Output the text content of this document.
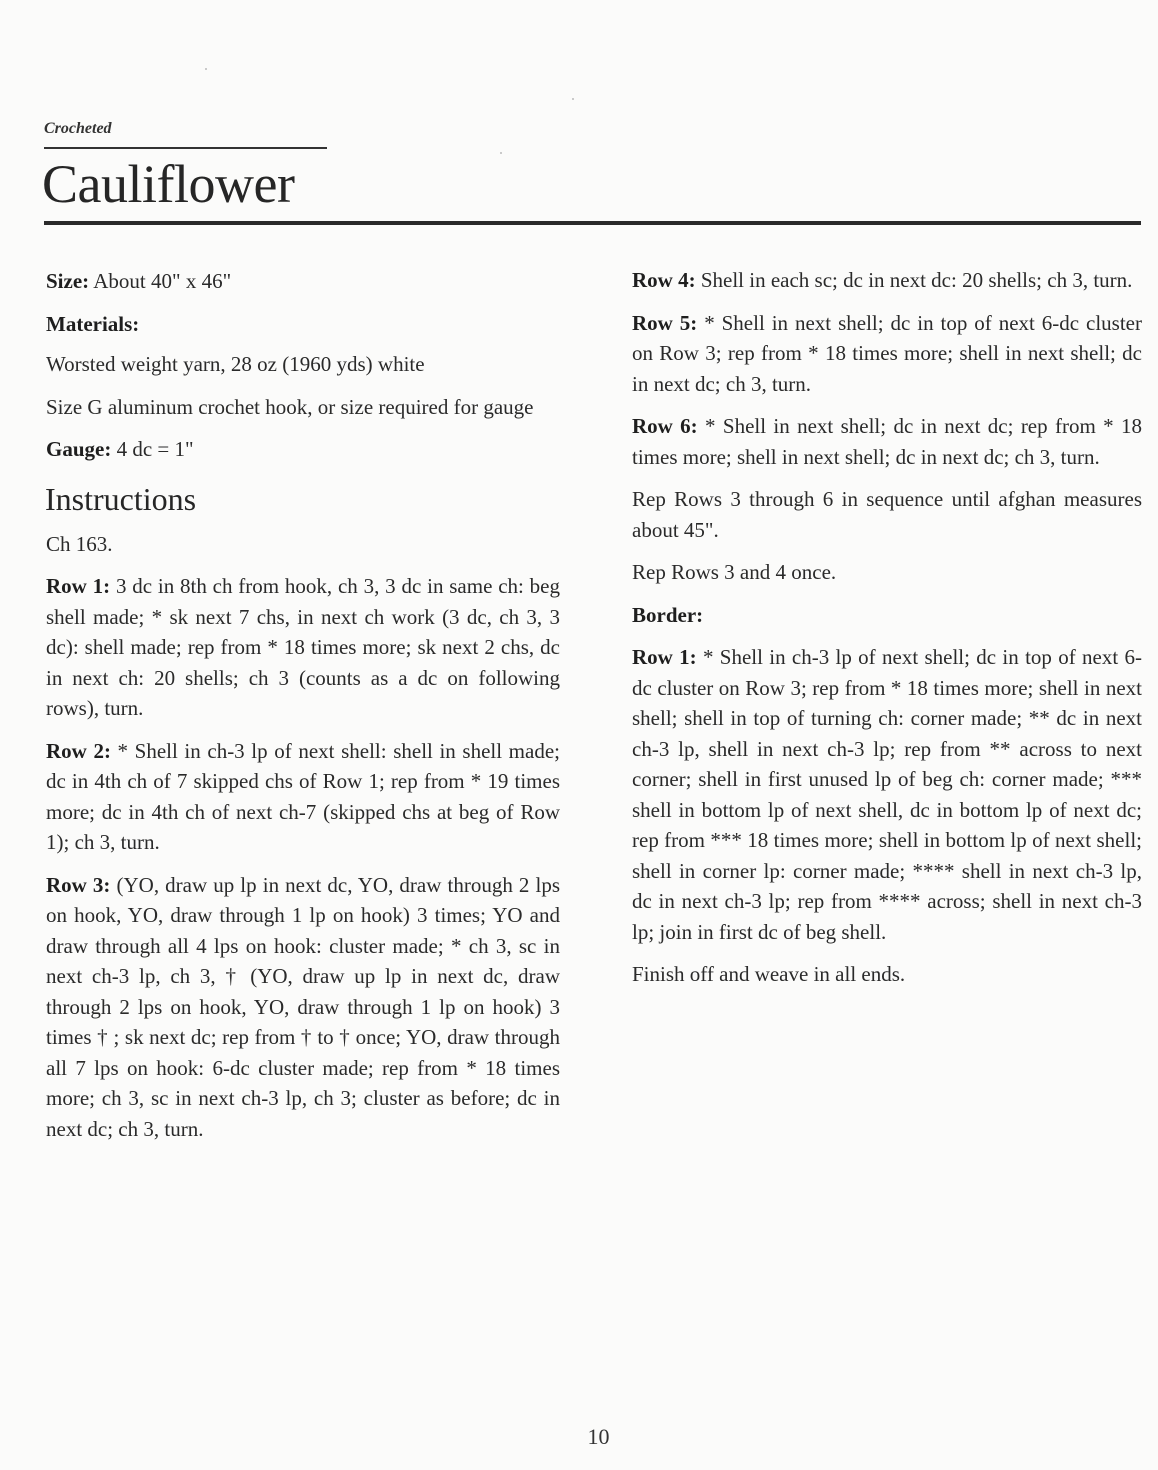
Crocheted
Cauliflower

Size: About 40" x 46"

Materials:

Worsted weight yarn, 28 oz (1960 yds) white

Size G aluminum crochet hook, or size required for gauge

Gauge: 4 dc = 1"

Instructions

Ch 163.

Row 1: 3 dc in 8th ch from hook, ch 3, 3 dc in same ch: beg shell made; * sk next 7 chs, in next ch work (3 dc, ch 3, 3 dc): shell made; rep from * 18 times more; sk next 2 chs, dc in next ch: 20 shells; ch 3 (counts as a dc on following rows), turn.

Row 2: * Shell in ch-3 lp of next shell: shell in shell made; dc in 4th ch of 7 skipped chs of Row 1; rep from * 19 times more; dc in 4th ch of next ch-7 (skipped chs at beg of Row 1); ch 3, turn.

Row 3: (YO, draw up lp in next dc, YO, draw through 2 lps on hook, YO, draw through 1 lp on hook) 3 times; YO and draw through all 4 lps on hook: cluster made; * ch 3, sc in next ch-3 lp, ch 3, † (YO, draw up lp in next dc, draw through 2 lps on hook, YO, draw through 1 lp on hook) 3 times † ; sk next dc; rep from † to † once; YO, draw through all 7 lps on hook: 6-dc cluster made; rep from * 18 times more; ch 3, sc in next ch-3 lp, ch 3; cluster as before; dc in next dc; ch 3, turn.

Row 4: Shell in each sc; dc in next dc: 20 shells; ch 3, turn.

Row 5: * Shell in next shell; dc in top of next 6-dc cluster on Row 3; rep from * 18 times more; shell in next shell; dc in next dc; ch 3, turn.

Row 6: * Shell in next shell; dc in next dc; rep from * 18 times more; shell in next shell; dc in next dc; ch 3, turn.

Rep Rows 3 through 6 in sequence until afghan measures about 45".

Rep Rows 3 and 4 once.

Border:

Row 1: * Shell in ch-3 lp of next shell; dc in top of next 6-dc cluster on Row 3; rep from * 18 times more; shell in next shell; shell in top of turning ch: corner made; ** dc in next ch-3 lp, shell in next ch-3 lp; rep from ** across to next corner; shell in first unused lp of beg ch: corner made; *** shell in bottom lp of next shell, dc in bottom lp of next dc; rep from *** 18 times more; shell in bottom lp of next shell; shell in corner lp: corner made; **** shell in next ch-3 lp, dc in next ch-3 lp; rep from **** across; shell in next ch-3 lp; join in first dc of beg shell.

Finish off and weave in all ends.

10
